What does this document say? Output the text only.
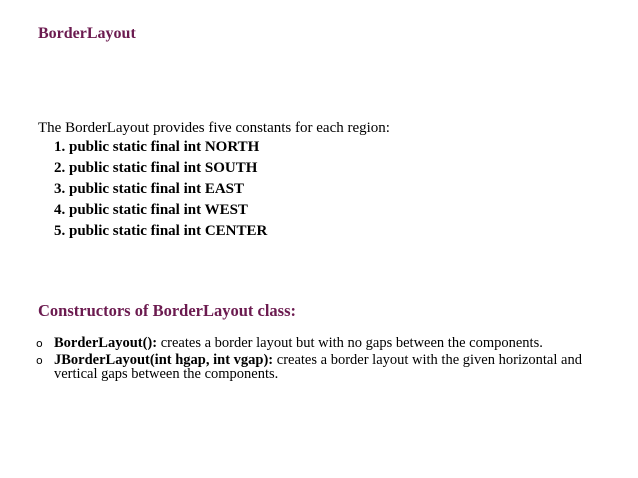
BorderLayout
The BorderLayout provides five constants for each region:
1. public static final int NORTH
2. public static final int SOUTH
3. public static final int EAST
4. public static final int WEST
5. public static final int CENTER
Constructors of BorderLayout class:
o BorderLayout(): creates a border layout but with no gaps between the components.
o JBorderLayout(int hgap, int vgap): creates a border layout with the given horizontal and vertical gaps between the components.
